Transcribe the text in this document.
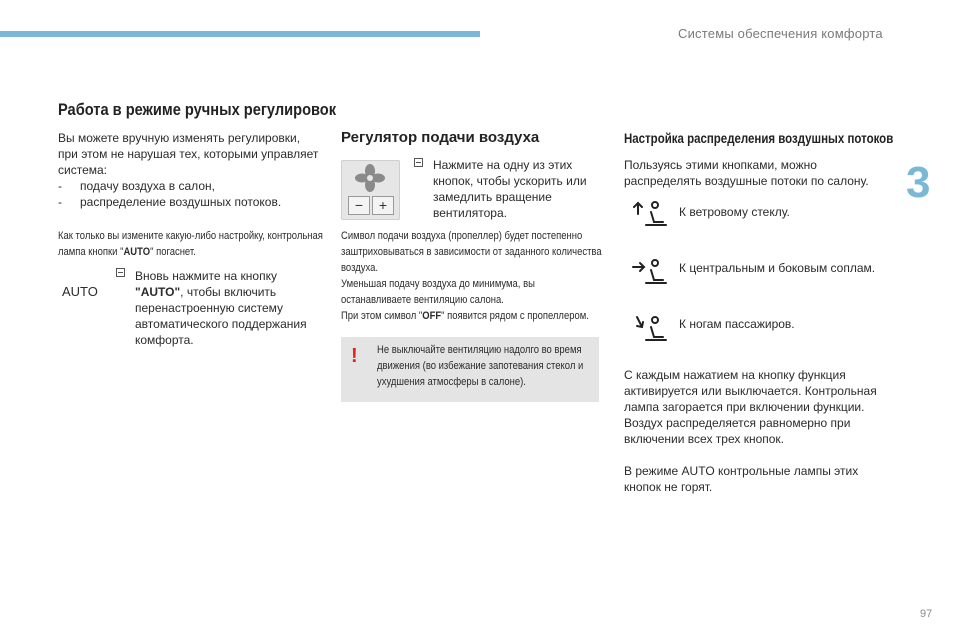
Системы обеспечения комфорта
3
97
Работа в режиме ручных регулировок

Вы можете вручную изменять регулировки, при этом не нарушая тех, которыми управляет система:

- подачу воздуха в салон,
- распределение воздушных потоков.
Как только вы измените какую-либо настройку, контрольная лампа кнопки "AUTO" погаснет.
AUTO
Вновь нажмите на кнопку "AUTO", чтобы включить перенастроенную систему автоматического поддержания комфорта.
Регулятор подачи воздуха
−	+
Нажмите на одну из этих кнопок, чтобы ускорить или замедлить вращение вентилятора.

Символ подачи воздуха (пропеллер) будет постепенно заштриховываться в зависимости от заданного количества воздуха.

Уменьшая подачу воздуха до минимума, вы останавливаете вентиляцию салона.

При этом символ "OFF" появится рядом с пропеллером.

! Не выключайте вентиляцию надолго во время движения (во избежание запотевания стекол и ухудшения атмосферы в салоне).
Настройка распределения воздушных потоков
Пользуясь этими кнопками, можно распределять воздушные потоки по салону.
К ветровому стеклу.
К центральным и боковым соплам.
К ногам пассажиров.
С каждым нажатием на кнопку функция активируется или выключается. Контрольная лампа загорается при включении функции. Воздух распределяется равномерно при включении всех трех кнопок.
В режиме AUTO контрольные лампы этих кнопок не горят.
